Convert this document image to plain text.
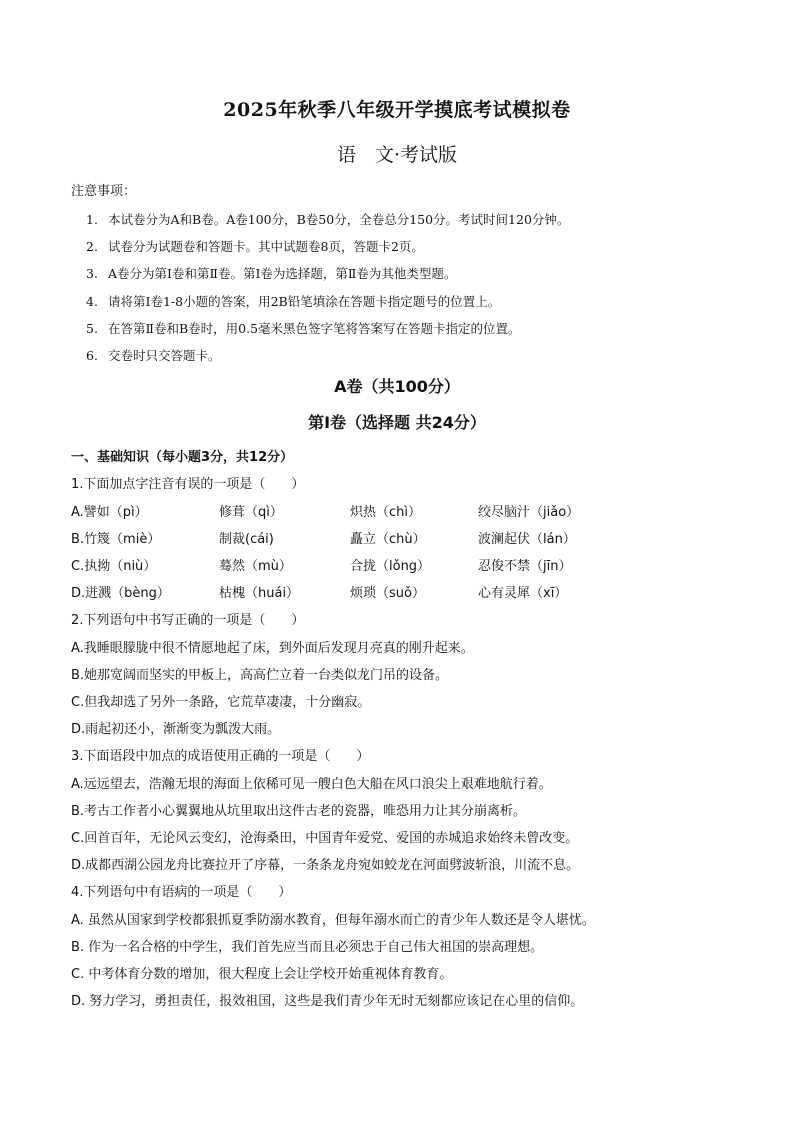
2025年秋季八年级开学摸底考试模拟卷
语　文·考试版
注意事项：
1. 本试卷分为A和B卷。A卷100分，B卷50分，全卷总分150分。考试时间120分钟。
2. 试卷分为试题卷和答题卡。其中试题卷8页，答题卡2页。
3. A卷分为第Ⅰ卷和第Ⅱ卷。第Ⅰ卷为选择题，第Ⅱ卷为其他类型题。
4. 请将第Ⅰ卷1-8小题的答案，用2B铅笔填涂在答题卡指定题号的位置上。
5. 在答第Ⅱ卷和B卷时，用0.5毫米黑色签字笔将答案写在答题卡指定的位置。
6. 交卷时只交答题卡。
A卷（共100分）
第Ⅰ卷（选择题 共24分）
一、基础知识（每小题3分，共12分）
1.下面加点字注音有误的一项是（　　）
A.譬如（pì）	修葺（qì）	炽热（chì）	绞尽脑汁（jiǎo）
B.竹篾（miè）	制裁(cái)	矗立（chù）	波澜起伏（lán）
C.执拗（niù）	蓦然（mù）	合拢（lǒng）	忍俊不禁（jīn）
D.迸溅（bèng）	枯槐（huái）	烦琐（suǒ）	心有灵犀（xī）
2.下列语句中书写正确的一项是（　　）
A.我睡眼朦胧中很不情愿地起了床，到外面后发现月亮真的刚升起来。
B.她那宽阔而坚实的甲板上，高高伫立着一台类似龙门吊的设备。
C.但我却选了另外一条路，它荒草凄凄，十分幽寂。
D.雨起初还小，渐渐变为瓢泼大雨。
3.下面语段中加点的成语使用正确的一项是（　　）
A.远远望去，浩瀚无垠的海面上依稀可见一艘白色大船在风口浪尖上艰难地航行着。
B.考古工作者小心翼翼地从坑里取出这件古老的瓷器，唯恐用力让其分崩离析。
C.回首百年，无论风云变幻，沧海桑田，中国青年爱党、爱国的赤城追求始终未曾改变。
D.成都西湖公园龙舟比赛拉开了序幕，一条条龙舟宛如蛟龙在河面劈波斩浪，川流不息。
4.下列语句中有语病的一项是（　　）
A. 虽然从国家到学校都狠抓夏季防溺水教育，但每年溺水而亡的青少年人数还是令人堪忧。
B. 作为一名合格的中学生，我们首先应当而且必须忠于自己伟大祖国的崇高理想。
C. 中考体育分数的增加，很大程度上会让学校开始重视体育教育。
D. 努力学习，勇担责任，报效祖国，这些是我们青少年无时无刻都应该记在心里的信仰。
